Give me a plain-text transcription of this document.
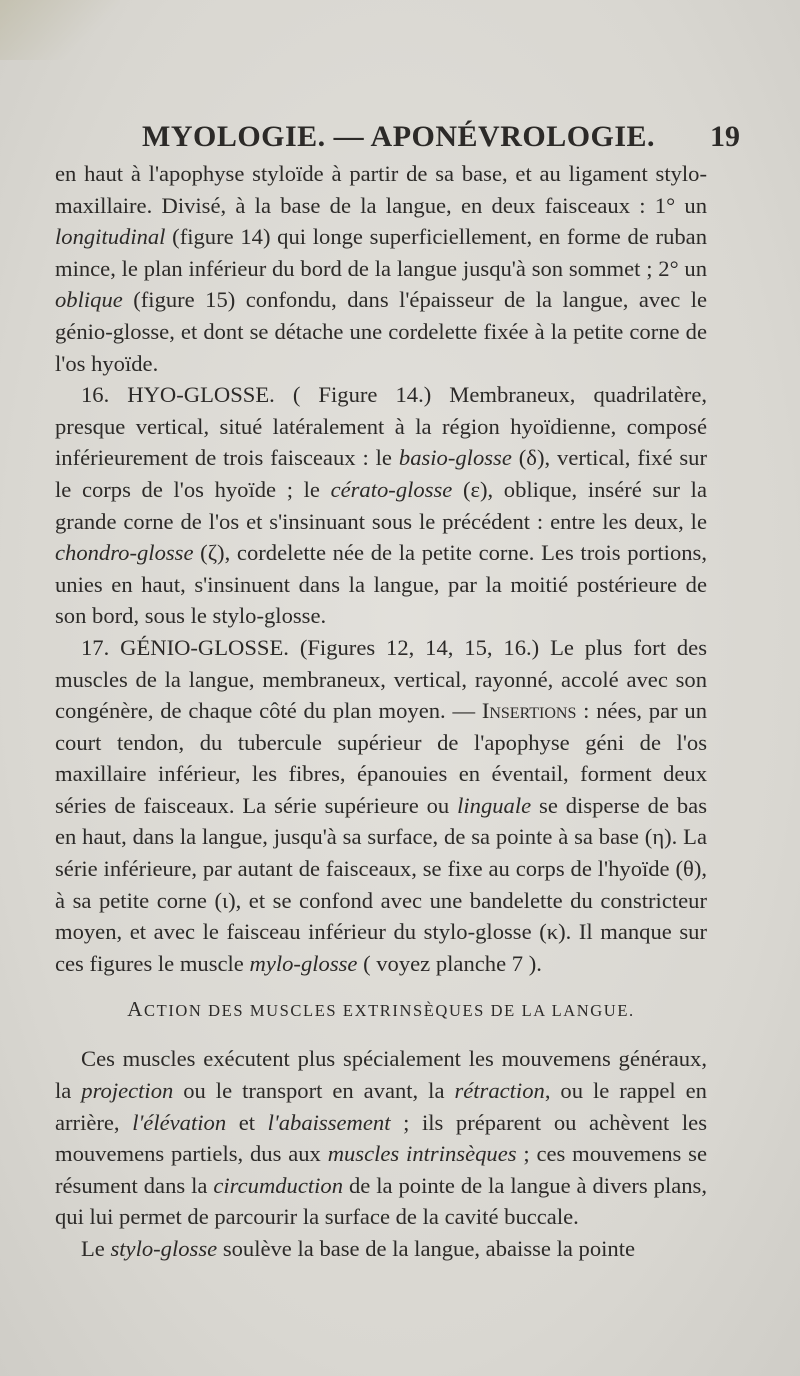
MYOLOGIE. — APONÉVROLOGIE. 19

en haut à l'apophyse styloïde à partir de sa base, et au ligament stylo-maxillaire. Divisé, à la base de la langue, en deux faisceaux : 1° un longitudinal (figure 14) qui longe superficiellement, en forme de ruban mince, le plan inférieur du bord de la langue jusqu'à son sommet ; 2° un oblique (figure 15) confondu, dans l'épaisseur de la langue, avec le génio-glosse, et dont se détache une cordelette fixée à la petite corne de l'os hyoïde.

16. HYO-GLOSSE. ( Figure 14.) Membraneux, quadrilatère, presque vertical, situé latéralement à la région hyoïdienne, composé inférieurement de trois faisceaux : le basio-glosse (δ), vertical, fixé sur le corps de l'os hyoïde ; le cérato-glosse (ε), oblique, inséré sur la grande corne de l'os et s'insinuant sous le précédent : entre les deux, le chondro-glosse (ζ), cordelette née de la petite corne. Les trois portions, unies en haut, s'insinuent dans la langue, par la moitié postérieure de son bord, sous le stylo-glosse.

17. GÉNIO-GLOSSE. (Figures 12, 14, 15, 16.) Le plus fort des muscles de la langue, membraneux, vertical, rayonné, accolé avec son congénère, de chaque côté du plan moyen. — Insertions : nées, par un court tendon, du tubercule supérieur de l'apophyse géni de l'os maxillaire inférieur, les fibres, épanouies en éventail, forment deux séries de faisceaux. La série supérieure ou linguale se disperse de bas en haut, dans la langue, jusqu'à sa surface, de sa pointe à sa base (η). La série inférieure, par autant de faisceaux, se fixe au corps de l'hyoïde (θ), à sa petite corne (ι), et se confond avec une bandelette du constricteur moyen, et avec le faisceau inférieur du stylo-glosse (κ). Il manque sur ces figures le muscle mylo-glosse ( voyez planche 7 ).

ACTION DES MUSCLES EXTRINSÈQUES DE LA LANGUE.

Ces muscles exécutent plus spécialement les mouvemens généraux, la projection ou le transport en avant, la rétraction, ou le rappel en arrière, l'élévation et l'abaissement ; ils préparent ou achèvent les mouvemens partiels, dus aux muscles intrinsèques ; ces mouvemens se résument dans la circumduction de la pointe de la langue à divers plans, qui lui permet de parcourir la surface de la cavité buccale.

Le stylo-glosse soulève la base de la langue, abaisse la pointe
